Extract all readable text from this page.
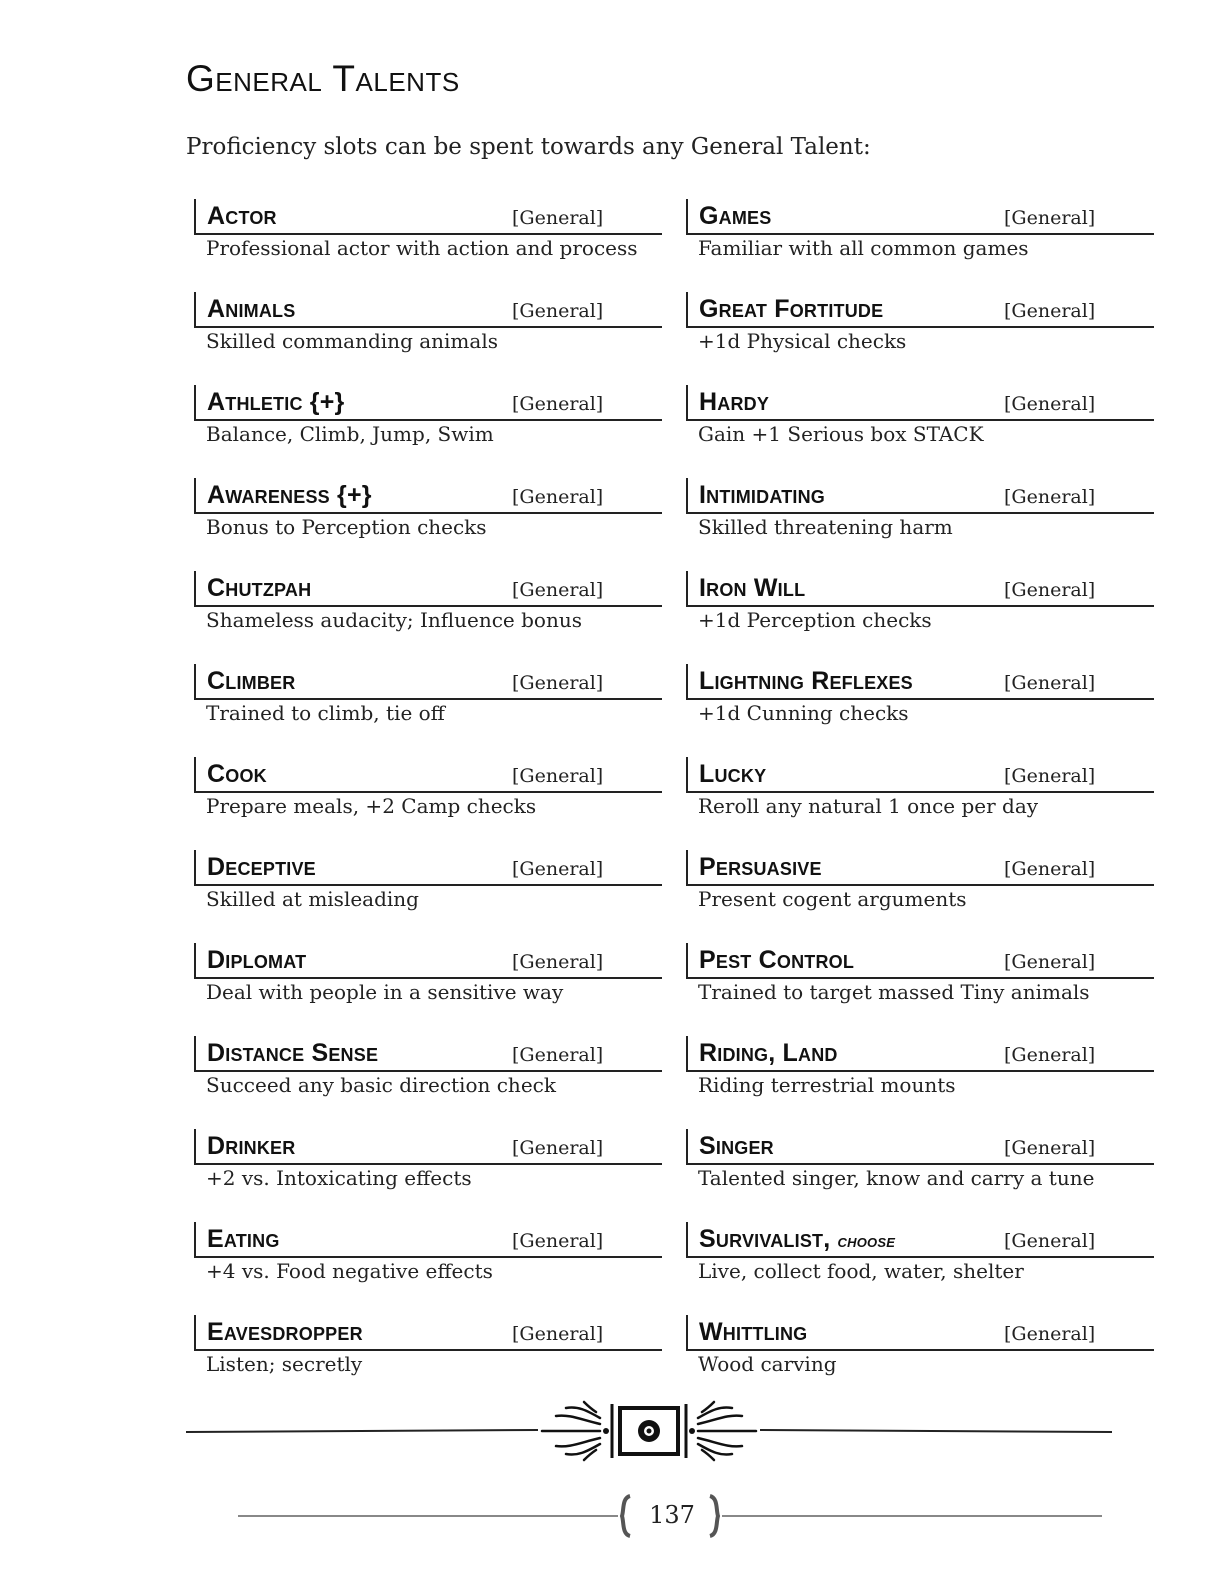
General Talents

Proficiency slots can be spent towards any General Talent:

Actor	[General]
Professional actor with action and process
Animals	[General]
Skilled commanding animals
Athletic {+}	[General]
Balance, Climb, Jump, Swim
Awareness {+}	[General]
Bonus to Perception checks
Chutzpah	[General]
Shameless audacity; Influence bonus
Climber	[General]
Trained to climb, tie off
Cook	[General]
Prepare meals, +2 Camp checks
Deceptive	[General]
Skilled at misleading
Diplomat	[General]
Deal with people in a sensitive way
Distance Sense	[General]
Succeed any basic direction check
Drinker	[General]
+2 vs. Intoxicating effects
Eating	[General]
+4 vs. Food negative effects
Eavesdropper	[General]
Listen; secretly
Games	[General]
Familiar with all common games
Great Fortitude	[General]
+1d Physical checks
Hardy	[General]
Gain +1 Serious box STACK
Intimidating	[General]
Skilled threatening harm
Iron Will	[General]
+1d Perception checks
Lightning Reflexes	[General]
+1d Cunning checks
Lucky	[General]
Reroll any natural 1 once per day
Persuasive	[General]
Present cogent arguments
Pest Control	[General]
Trained to target massed Tiny animals
Riding, Land	[General]
Riding terrestrial mounts
Singer	[General]
Talented singer, know and carry a tune
Survivalist, choose	[General]
Live, collect food, water, shelter
Whittling	[General]
Wood carving
137
